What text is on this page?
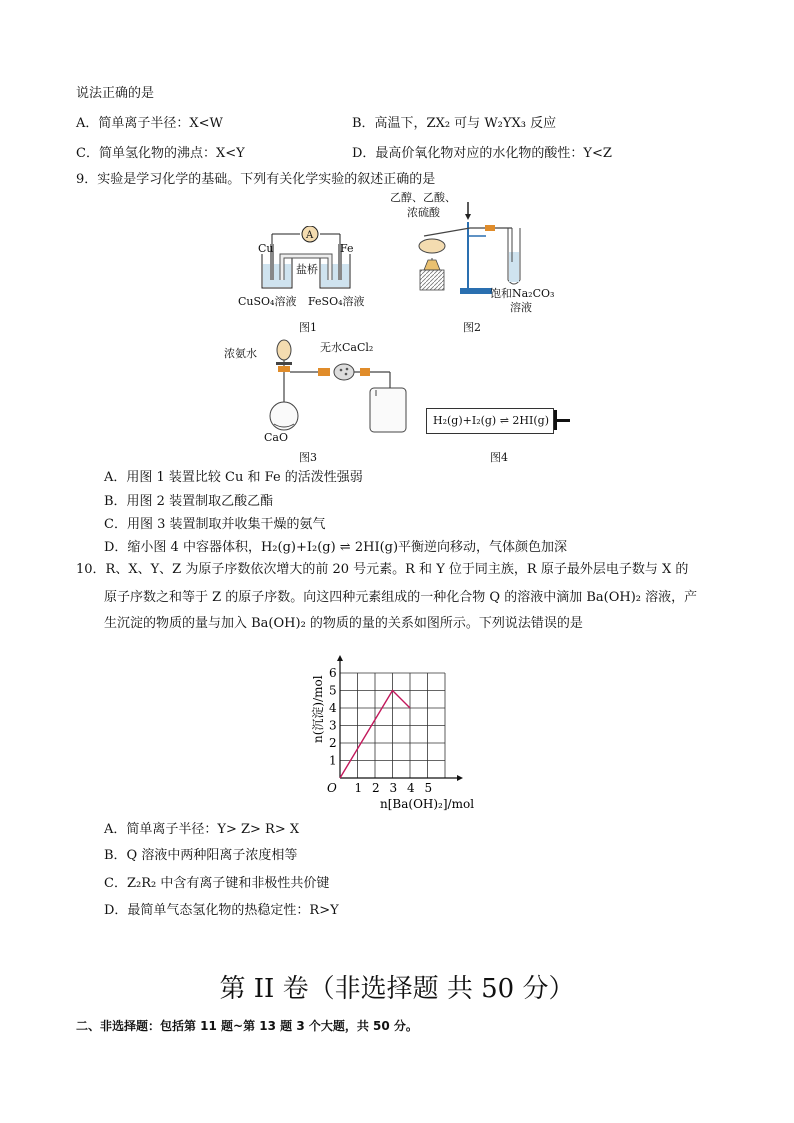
说法正确的是
A．简单离子半径：X<W	B．高温下，ZX₂ 可与 W₂YX₃ 反应
C．简单氢化物的沸点：X<Y	D．最高价氧化物对应的水化物的酸性：Y<Z
9．实验是学习化学的基础。下列有关化学实验的叙述正确的是
Cu
A
Fe
盐桥
CuSO₄溶液 FeSO₄溶液
图1
乙醇、乙酸、
浓硫酸
饱和Na₂CO₃
溶液
图2
浓氨水	无水CaCl₂
CaO
图3
H₂(g)+I₂(g) ⇌ 2HI(g)
图4
A．用图 1 装置比较 Cu 和 Fe 的活泼性强弱
B．用图 2 装置制取乙酸乙酯
C．用图 3 装置制取并收集干燥的氨气
D．缩小图 4 中容器体积，H₂(g)+I₂(g) ⇌ 2HI(g)平衡逆向移动，气体颜色加深
10．R、X、Y、Z 为原子序数依次增大的前 20 号元素。R 和 Y 位于同主族，R 原子最外层电子数与 X 的
原子序数之和等于 Z 的原子序数。向这四种元素组成的一种化合物 Q 的溶液中滴加 Ba(OH)₂ 溶液，产
生沉淀的物质的量与加入 Ba(OH)₂ 的物质的量的关系如图所示。下列说法错误的是
1 2 3 4 5
1
2
3
4
5
6
O
n[Ba(OH)₂]/mol
n(沉淀)/mol
A．简单离子半径：Y> Z> R> X
B．Q 溶液中两种阳离子浓度相等
C．Z₂R₂ 中含有离子键和非极性共价键
D．最简单气态氢化物的热稳定性：R>Y
第 II 卷（非选择题 共 50 分）
二、非选择题：包括第 11 题~第 13 题 3 个大题，共 50 分。
